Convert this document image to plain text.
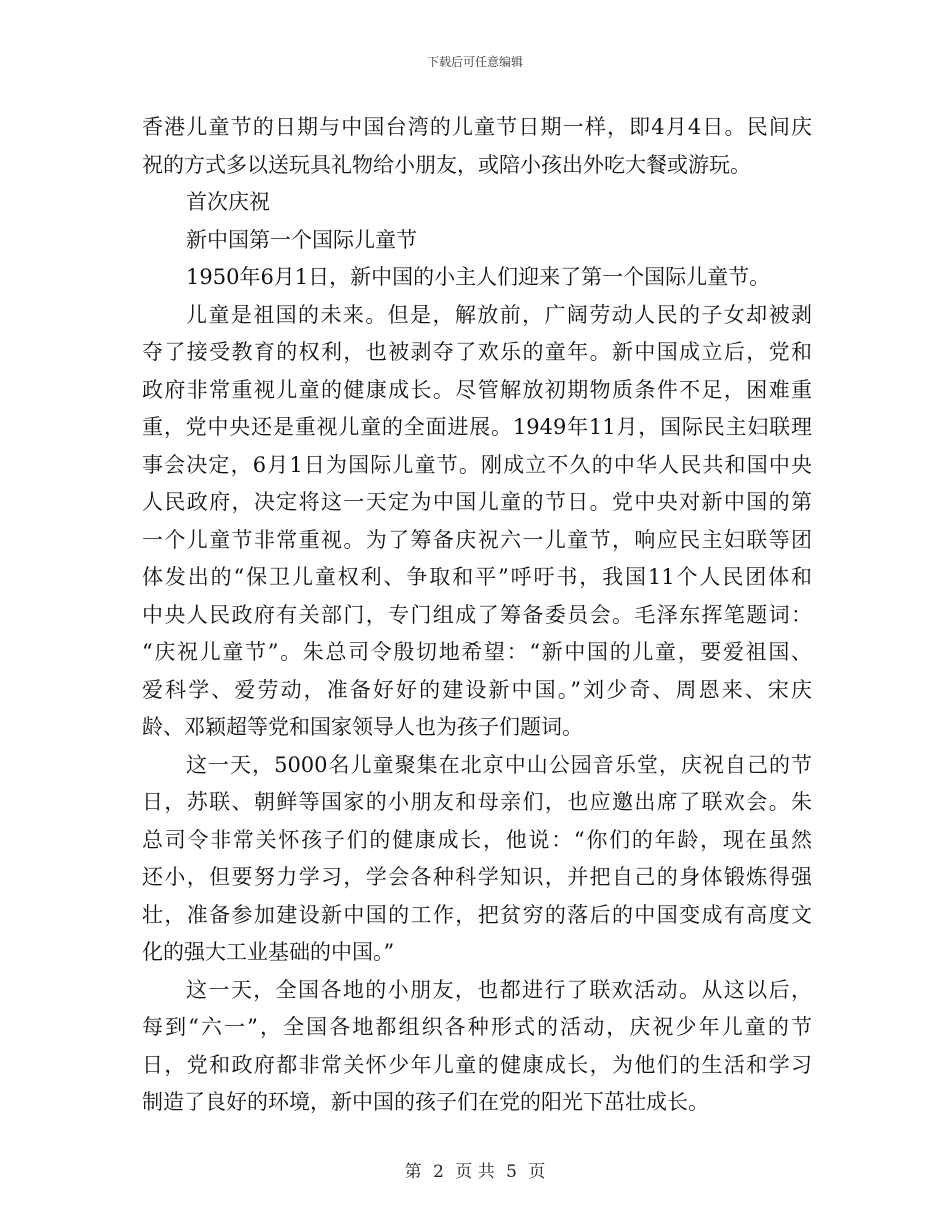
下载后可任意编辑
香港儿童节的日期与中国台湾的儿童节日期一样，即4月4日。民间庆
祝的方式多以送玩具礼物给小朋友，或陪小孩出外吃大餐或游玩。
首次庆祝
新中国第一个国际儿童节
1950年6月1日，新中国的小主人们迎来了第一个国际儿童节。
儿童是祖国的未来。但是，解放前，广阔劳动人民的子女却被剥
夺了接受教育的权利，也被剥夺了欢乐的童年。新中国成立后，党和
政府非常重视儿童的健康成长。尽管解放初期物质条件不足，困难重
重，党中央还是重视儿童的全面进展。1949年11月，国际民主妇联理
事会决定，6月1日为国际儿童节。刚成立不久的中华人民共和国中央
人民政府，决定将这一天定为中国儿童的节日。党中央对新中国的第
一个儿童节非常重视。为了筹备庆祝六一儿童节，响应民主妇联等团
体发出的“保卫儿童权利、争取和平”呼吁书，我国11个人民团体和
中央人民政府有关部门，专门组成了筹备委员会。毛泽东挥笔题词：
“庆祝儿童节”。朱总司令殷切地希望：“新中国的儿童，要爱祖国、
爱科学、爱劳动，准备好好的建设新中国。”刘少奇、周恩来、宋庆
龄、邓颖超等党和国家领导人也为孩子们题词。
这一天，5000名儿童聚集在北京中山公园音乐堂，庆祝自己的节
日，苏联、朝鲜等国家的小朋友和母亲们，也应邀出席了联欢会。朱
总司令非常关怀孩子们的健康成长，他说：“你们的年龄，现在虽然
还小，但要努力学习，学会各种科学知识，并把自己的身体锻炼得强
壮，准备参加建设新中国的工作，把贫穷的落后的中国变成有高度文
化的强大工业基础的中国。”
这一天，全国各地的小朋友，也都进行了联欢活动。从这以后，
每到“六一”，全国各地都组织各种形式的活动，庆祝少年儿童的节
日，党和政府都非常关怀少年儿童的健康成长，为他们的生活和学习
制造了良好的环境，新中国的孩子们在党的阳光下茁壮成长。
第 2 页 共 5 页
